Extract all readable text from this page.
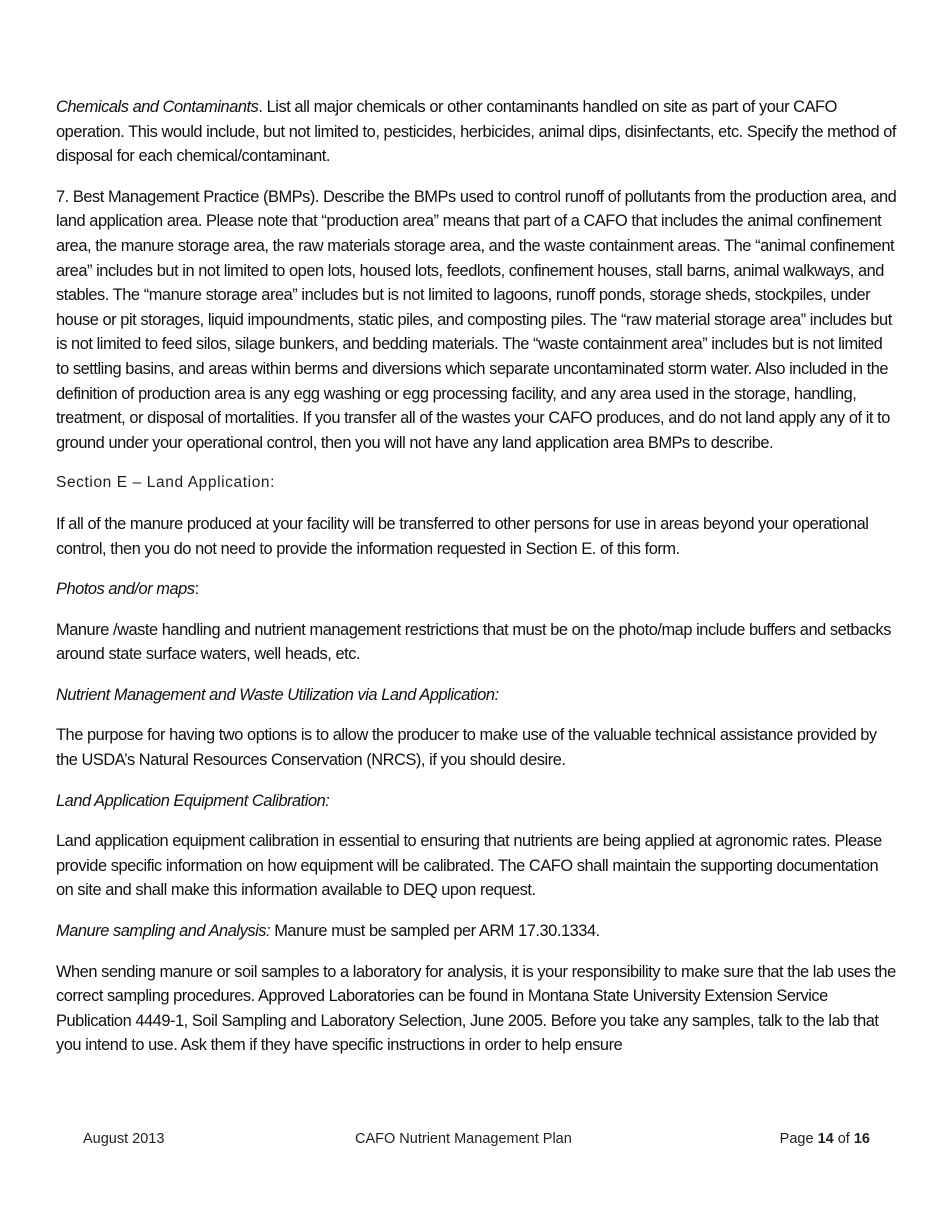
Chemicals and Contaminants. List all major chemicals or other contaminants handled on site as part of your CAFO operation. This would include, but not limited to, pesticides, herbicides, animal dips, disinfectants, etc. Specify the method of disposal for each chemical/contaminant.

7. Best Management Practice (BMPs). Describe the BMPs used to control runoff of pollutants from the production area, and land application area. Please note that “production area” means that part of a CAFO that includes the animal confinement area, the manure storage area, the raw materials storage area, and the waste containment areas. The “animal confinement area” includes but in not limited to open lots, housed lots, feedlots, confinement houses, stall barns, animal walkways, and stables. The “manure storage area” includes but is not limited to lagoons, runoff ponds, storage sheds, stockpiles, under house or pit storages, liquid impoundments, static piles, and composting piles. The “raw material storage area” includes but is not limited to feed silos, silage bunkers, and bedding materials. The “waste containment area” includes but is not limited to settling basins, and areas within berms and diversions which separate uncontaminated storm water. Also included in the definition of production area is any egg washing or egg processing facility, and any area used in the storage, handling, treatment, or disposal of mortalities. If you transfer all of the wastes your CAFO produces, and do not land apply any of it to ground under your operational control, then you will not have any land application area BMPs to describe.

Section E – Land Application:

If all of the manure produced at your facility will be transferred to other persons for use in areas beyond your operational control, then you do not need to provide the information requested in Section E. of this form.

Photos and/or maps:

Manure /waste handling and nutrient management restrictions that must be on the photo/map include buffers and setbacks around state surface waters, well heads, etc.

Nutrient Management and Waste Utilization via Land Application:

The purpose for having two options is to allow the producer to make use of the valuable technical assistance provided by the USDA’s Natural Resources Conservation (NRCS), if you should desire.

Land Application Equipment Calibration:

Land application equipment calibration in essential to ensuring that nutrients are being applied at agronomic rates. Please provide specific information on how equipment will be calibrated. The CAFO shall maintain the supporting documentation on site and shall make this information available to DEQ upon request.

Manure sampling and Analysis: Manure must be sampled per ARM 17.30.1334.

When sending manure or soil samples to a laboratory for analysis, it is your responsibility to make sure that the lab uses the correct sampling procedures. Approved Laboratories can be found in Montana State University Extension Service Publication 4449-1, Soil Sampling and Laboratory Selection, June 2005. Before you take any samples, talk to the lab that you intend to use. Ask them if they have specific instructions in order to help ensure

August 2013	CAFO Nutrient Management Plan	Page 14 of 16
